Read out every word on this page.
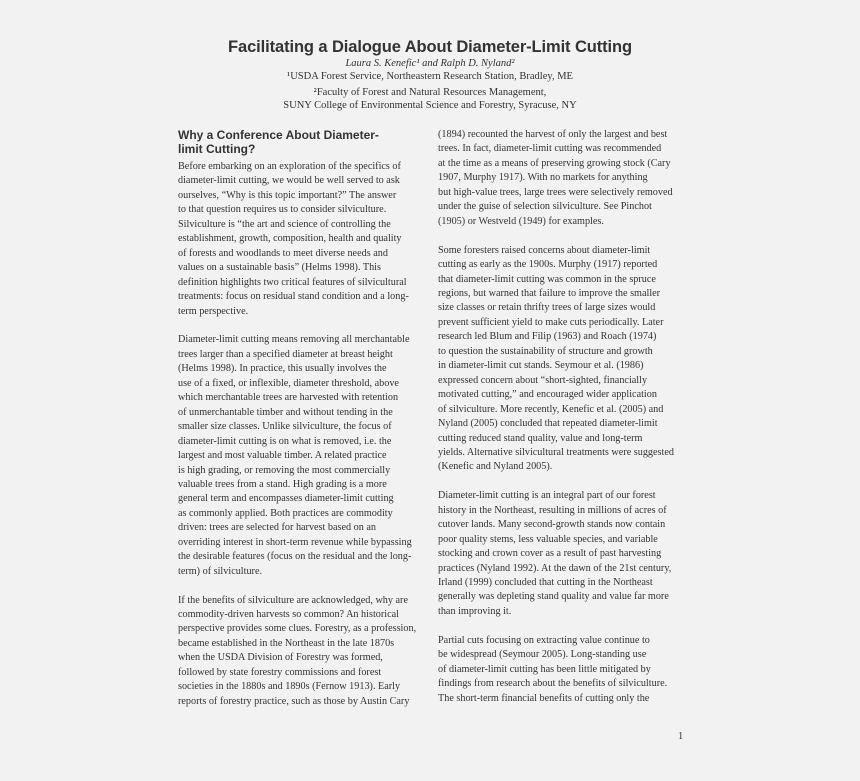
Facilitating a Dialogue About Diameter-Limit Cutting
Laura S. Kenefic¹ and Ralph D. Nyland²
¹USDA Forest Service, Northeastern Research Station, Bradley, ME
²Faculty of Forest and Natural Resources Management,
SUNY College of Environmental Science and Forestry, Syracuse, NY
Why a Conference About Diameter-limit Cutting?
Before embarking on an exploration of the specifics of
diameter-limit cutting, we would be well served to ask
ourselves, “Why is this topic important?” The answer
to that question requires us to consider silviculture.
Silviculture is “the art and science of controlling the
establishment, growth, composition, health and quality
of forests and woodlands to meet diverse needs and
values on a sustainable basis” (Helms 1998). This
definition highlights two critical features of silvicultural
treatments: focus on residual stand condition and a long-
term perspective.
Diameter-limit cutting means removing all merchantable
trees larger than a specified diameter at breast height
(Helms 1998). In practice, this usually involves the
use of a fixed, or inflexible, diameter threshold, above
which merchantable trees are harvested with retention
of unmerchantable timber and without tending in the
smaller size classes. Unlike silviculture, the focus of
diameter-limit cutting is on what is removed, i.e. the
largest and most valuable timber. A related practice
is high grading, or removing the most commercially
valuable trees from a stand. High grading is a more
general term and encompasses diameter-limit cutting
as commonly applied. Both practices are commodity
driven: trees are selected for harvest based on an
overriding interest in short-term revenue while bypassing
the desirable features (focus on the residual and the long-
term) of silviculture.
If the benefits of silviculture are acknowledged, why are
commodity-driven harvests so common? An historical
perspective provides some clues. Forestry, as a profession,
became established in the Northeast in the late 1870s
when the USDA Division of Forestry was formed,
followed by state forestry commissions and forest
societies in the 1880s and 1890s (Fernow 1913). Early
reports of forestry practice, such as those by Austin Cary
(1894) recounted the harvest of only the largest and best
trees. In fact, diameter-limit cutting was recommended
at the time as a means of preserving growing stock (Cary
1907, Murphy 1917). With no markets for anything
but high-value trees, large trees were selectively removed
under the guise of selection silviculture. See Pinchot
(1905) or Westveld (1949) for examples.
Some foresters raised concerns about diameter-limit
cutting as early as the 1900s. Murphy (1917) reported
that diameter-limit cutting was common in the spruce
regions, but warned that failure to improve the smaller
size classes or retain thrifty trees of large sizes would
prevent sufficient yield to make cuts periodically. Later
research led Blum and Filip (1963) and Roach (1974)
to question the sustainability of structure and growth
in diameter-limit cut stands. Seymour et al. (1986)
expressed concern about “short-sighted, financially
motivated cutting,” and encouraged wider application
of silviculture. More recently, Kenefic et al. (2005) and
Nyland (2005) concluded that repeated diameter-limit
cutting reduced stand quality, value and long-term
yields. Alternative silvicultural treatments were suggested
(Kenefic and Nyland 2005).
Diameter-limit cutting is an integral part of our forest
history in the Northeast, resulting in millions of acres of
cutover lands. Many second-growth stands now contain
poor quality stems, less valuable species, and variable
stocking and crown cover as a result of past harvesting
practices (Nyland 1992). At the dawn of the 21st century,
Irland (1999) concluded that cutting in the Northeast
generally was depleting stand quality and value far more
than improving it.
Partial cuts focusing on extracting value continue to
be widespread (Seymour 2005). Long-standing use
of diameter-limit cutting has been little mitigated by
findings from research about the benefits of silviculture.
The short-term financial benefits of cutting only the
1
